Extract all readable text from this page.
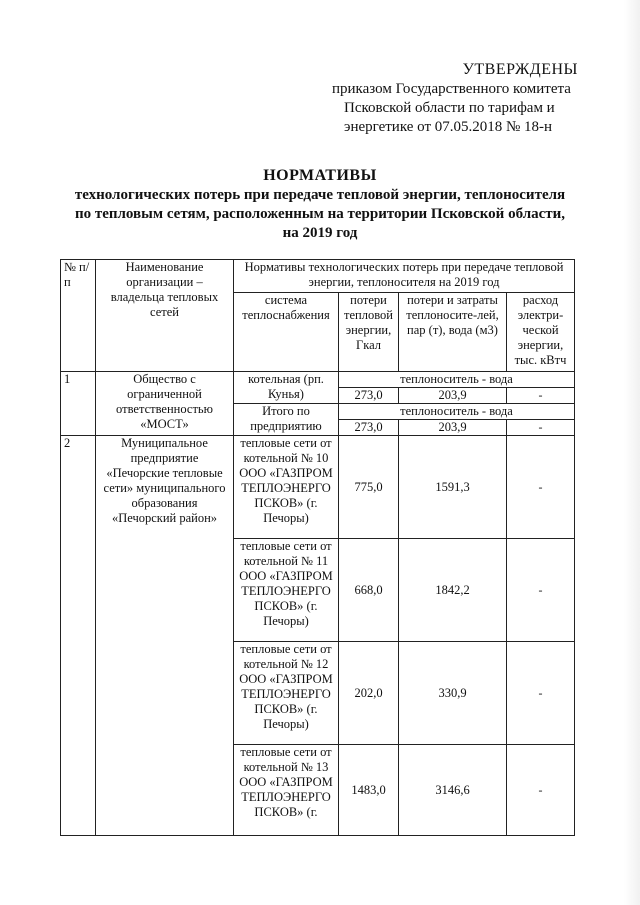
УТВЕРЖДЕНЫ
приказом Государственного комитета
Псковской области по тарифам и
энергетике от 07.05.2018 № 18-н
НОРМАТИВЫ
технологических потерь при передаче тепловой энергии, теплоносителя
по тепловым сетям, расположенным на территории Псковской области,
на 2019 год
№ п/п	Наименование организации – владельца тепловых сетей	Нормативы технологических потерь при передаче тепловой энергии, теплоносителя на 2019 год			
		система теплоснабжения	потери тепловой энергии, Гкал	потери и затраты теплоносите-лей, пар (т), вода (м3)	расход электри-ческой энергии, тыс. кВтч
1	Общество с ограниченной ответственностью «МОСТ»	котельная (рп. Кунья)	теплоноситель - вода		
			273,0	203,9	-
		Итого по предприятию	теплоноситель - вода		
			273,0	203,9	-
2	Муниципальное предприятие «Печорские тепловые сети» муниципального образования «Печорский район»	тепловые сети от котельной № 10 ООО «ГАЗПРОМ ТЕПЛОЭНЕРГО ПСКОВ» (г. Печоры)	775,0	1591,3	-
		тепловые сети от котельной № 11 ООО «ГАЗПРОМ ТЕПЛОЭНЕРГО ПСКОВ» (г. Печоры)	668,0	1842,2	-
		тепловые сети от котельной № 12 ООО «ГАЗПРОМ ТЕПЛОЭНЕРГО ПСКОВ» (г. Печоры)	202,0	330,9	-
		тепловые сети от котельной № 13 ООО «ГАЗПРОМ ТЕПЛОЭНЕРГО ПСКОВ» (г.	1483,0	3146,6	-
